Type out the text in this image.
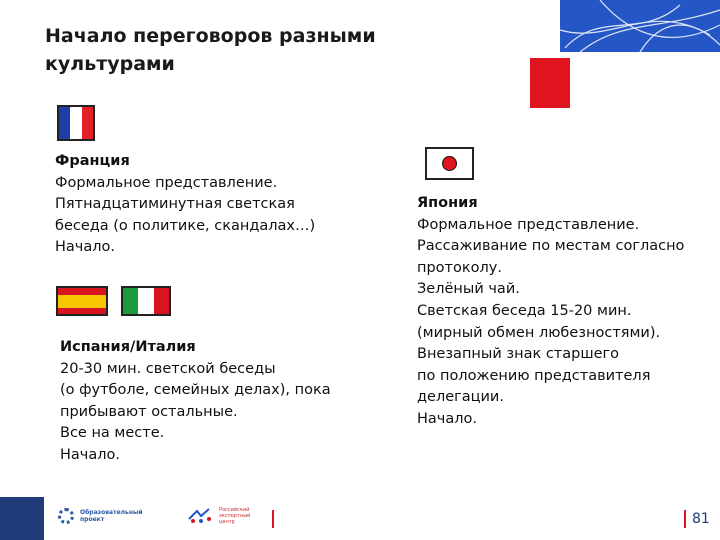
Начало переговоров разными
культурами
Франция
Формальное представление.
Пятнадцатиминутная светская
беседа (о политике, скандалах…)
Начало.
Испания/Италия
20-30 мин. светской беседы
(о футболе, семейных делах), пока
прибывают остальные.
Все на месте.
Начало.
Япония
Формальное представление.
Рассаживание по местам согласно
протоколу.
Зелёный чай.
Светская беседа 15-20 мин.
(мирный обмен любезностями).
Внезапный знак старшего
по положению представителя
делегации.
Начало.
Образовательный проект
Российский экспортный центр	81
